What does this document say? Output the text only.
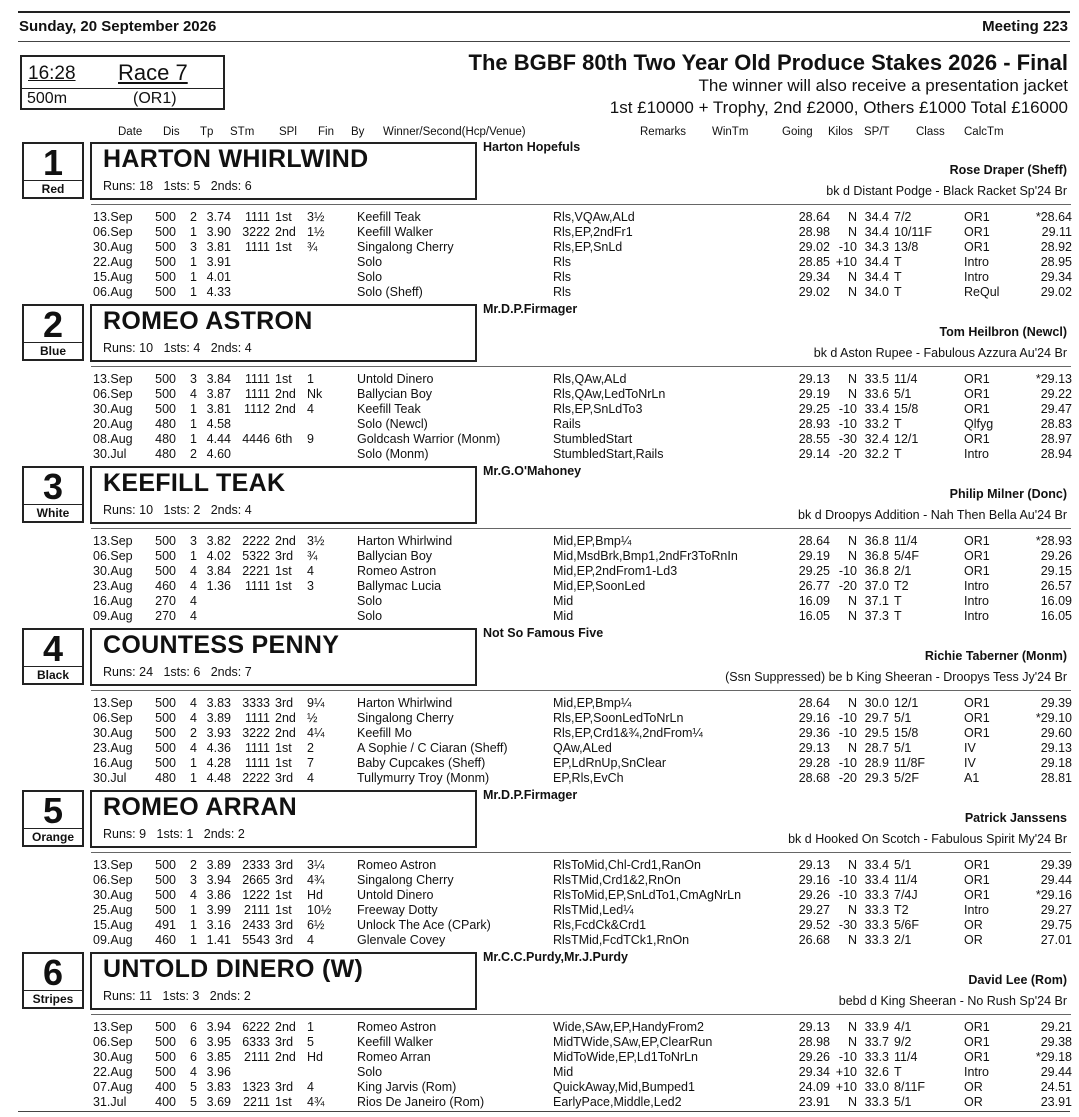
Sunday, 20 September 2026	Meeting 223
16:28 Race 7
500m	(OR1)
The BGBF 80th Two Year Old Produce Stakes 2026 - Final
The winner will also receive a presentation jacket
1st £10000 + Trophy, 2nd £2000, Others £1000 Total £16000
Date Dis Tp STm SPl Fin By Winner/Second(Hcp/Venue)	Remarks WinTm	Going Kilos SP/T Class CalcTm
1
Red
HARTON WHIRLWIND
Runs: 18 1sts: 5 2nds: 6
Harton Hopefuls
Rose Draper (Sheff)
bk d Distant Podge - Black Racket Sp'24 Br
13.Sep	500	2 3.74	1111 1st	3½	Keefill Teak	Rls,VQAw,ALd	28.64	N 34.4 7/2	OR1	*28.64
06.Sep	500	1 3.90 3222 2nd 1½	Keefill Walker	Rls,EP,2ndFr1	28.98	N 34.4 10/11F	OR1	29.11
30.Aug	500	3 3.81	1111 1st	¾	Singalong Cherry	Rls,EP,SnLd	29.02 -10 34.3 13/8	OR1	28.92
22.Aug	500	1 3.91	Solo	Rls	28.85 +10 34.4 T	Intro	28.95
15.Aug	500	1 4.01	Solo	Rls	29.34	N 34.4 T	Intro	29.34
06.Aug	500	1 4.33	Solo (Sheff)	Rls	29.02	N 34.0 T	ReQul	29.02
2
Blue
ROMEO ASTRON
Runs: 10 1sts: 4 2nds: 4
Mr.D.P.Firmager
Tom Heilbron (Newcl)
bk d Aston Rupee - Fabulous Azzura Au'24 Br
13.Sep	500	3 3.84	1111 1st	1	Untold Dinero	Rls,QAw,ALd	29.13	N 33.5 11/4	OR1	*29.13
06.Sep	500	4 3.87	1111 2nd Nk	Ballycian Boy	Rls,QAw,LedToNrLn	29.19	N 33.6 5/1	OR1	29.22
30.Aug	500	1 3.81	1112 2nd 4	Keefill Teak	Rls,EP,SnLdTo3	29.25 -10 33.4 15/8	OR1	29.47
20.Aug	480	1 4.58	Solo (Newcl)	Rails	28.93 -10 33.2 T	Qlfyg	28.83
08.Aug	480	1 4.44 4446 6th	9	Goldcash Warrior (Monm)	StumbledStart	28.55 -30 32.4 12/1	OR1	28.97
30.Jul	480	2 4.60	Solo (Monm)	StumbledStart,Rails	29.14 -20 32.2 T	Intro	28.94
3
White
KEEFILL TEAK
Runs: 10 1sts: 2 2nds: 4
Mr.G.O'Mahoney
Philip Milner (Donc)
bk d Droopys Addition - Nah Then Bella Au'24 Br
13.Sep	500	3 3.82 2222 2nd 3½	Harton Whirlwind	Mid,EP,Bmp¼	28.64	N 36.8 11/4	OR1	*28.93
06.Sep	500	1 4.02 5322 3rd	¾	Ballycian Boy	Mid,MsdBrk,Bmp1,2ndFr3ToRnIn	29.19	N 36.8 5/4F	OR1	29.26
30.Aug	500	4 3.84 2221 1st	4	Romeo Astron	Mid,EP,2ndFrom1-Ld3	29.25 -10 36.8 2/1	OR1	29.15
23.Aug	460	4 1.36	1111 1st	3	Ballymac Lucia	Mid,EP,SoonLed	26.77 -20 37.0 T2	Intro	26.57
16.Aug	270	4	Solo	Mid	16.09	N 37.1 T	Intro	16.09
09.Aug	270	4	Solo	Mid	16.05	N 37.3 T	Intro	16.05
4
Black
COUNTESS PENNY
Runs: 24 1sts: 6 2nds: 7
Not So Famous Five
Richie Taberner (Monm)
(Ssn Suppressed) be b King Sheeran - Droopys Tess Jy'24 Br
13.Sep	500	4 3.83 3333 3rd	9¼	Harton Whirlwind	Mid,EP,Bmp¼	28.64	N 30.0 12/1	OR1	29.39
06.Sep	500	4 3.89	1111 2nd ½	Singalong Cherry	Rls,EP,SoonLedToNrLn	29.16 -10 29.7 5/1	OR1	*29.10
30.Aug	500	2 3.93 3222 2nd 4¼	Keefill Mo	Rls,EP,Crd1&¾,2ndFrom¼	29.36 -10 29.5 15/8	OR1	29.60
23.Aug	500	4 4.36	1111 1st	2	A Sophie / C Ciaran (Sheff)	QAw,ALed	29.13	N 28.7 5/1	IV	29.13
16.Aug	500	1 4.28	1111 1st	7	Baby Cupcakes (Sheff)	EP,LdRnUp,SnClear	29.28 -10 28.9 11/8F	IV	29.18
30.Jul	480	1 4.48 2222 3rd	4	Tullymurry Troy (Monm)	EP,Rls,EvCh	28.68 -20 29.3 5/2F	A1	28.81
5
Orange
ROMEO ARRAN
Runs: 9 1sts: 1 2nds: 2
Mr.D.P.Firmager
Patrick Janssens
bk d Hooked On Scotch - Fabulous Spirit My'24 Br
13.Sep	500	2 3.89 2333 3rd	3¼	Romeo Astron	RlsToMid,Chl-Crd1,RanOn	29.13	N 33.4 5/1	OR1	29.39
06.Sep	500	3 3.94 2665 3rd	4¾	Singalong Cherry	RlsTMid,Crd1&2,RnOn	29.16 -10 33.4 11/4	OR1	29.44
30.Aug	500	4 3.86 1222 1st	Hd	Untold Dinero	RlsToMid,EP,SnLdTo1,CmAgNrLn	29.26 -10 33.3 7/4J	OR1	*29.16
25.Aug	500	1 3.99	2111 1st	10½	Freeway Dotty	RlsTMid,Led¼	29.27	N 33.3 T2	Intro	29.27
15.Aug	491	1 3.16 2433 3rd	6½	Unlock The Ace (CPark)	Rls,FcdCk&Crd1	29.52 -30 33.3 5/6F	OR	29.75
09.Aug	460	1 1.41 5543 3rd	4	Glenvale Covey	RlsTMid,FcdTCk1,RnOn	26.68	N 33.3 2/1	OR	27.01
6
Stripes
UNTOLD DINERO (W)
Runs: 11 1sts: 3 2nds: 2
Mr.C.C.Purdy,Mr.J.Purdy
David Lee (Rom)
bebd d King Sheeran - No Rush Sp'24 Br
13.Sep	500	6 3.94 6222 2nd 1	Romeo Astron	Wide,SAw,EP,HandyFrom2	29.13	N 33.9 4/1	OR1	29.21
06.Sep	500	6 3.95 6333 3rd	5	Keefill Walker	MidTWide,SAw,EP,ClearRun	28.98	N 33.7 9/2	OR1	29.38
30.Aug	500	6 3.85	2111 2nd Hd	Romeo Arran	MidToWide,EP,Ld1ToNrLn	29.26 -10 33.3 11/4	OR1	*29.18
22.Aug	500	4 3.96	Solo	Mid	29.34 +10 32.6 T	Intro	29.44
07.Aug	400	5 3.83 1323 3rd	4	King Jarvis (Rom)	QuickAway,Mid,Bumped1	24.09 +10 33.0 8/11F	OR	24.51
31.Jul	400	5 3.69 2211 1st	4¾	Rios De Janeiro (Rom)	EarlyPace,Middle,Led2	23.91	N 33.3 5/1	OR	23.91
